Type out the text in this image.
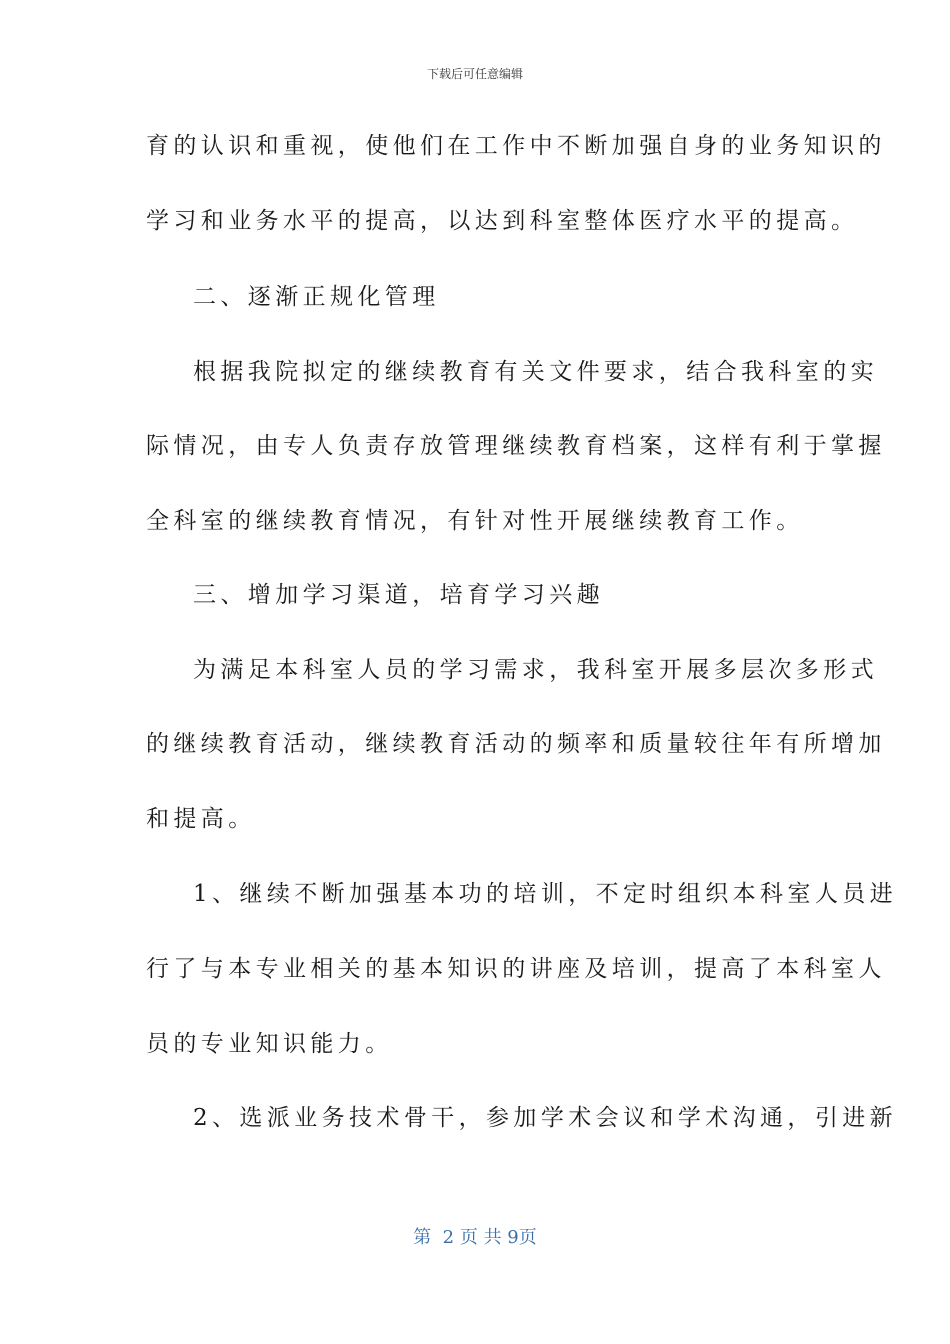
下载后可任意编辑
育的认识和重视，使他们在工作中不断加强自身的业务知识的
学习和业务水平的提高，以达到科室整体医疗水平的提高。
二、逐渐正规化管理
根据我院拟定的继续教育有关文件要求，结合我科室的实
际情况，由专人负责存放管理继续教育档案，这样有利于掌握
全科室的继续教育情况，有针对性开展继续教育工作。
三、增加学习渠道，培育学习兴趣
为满足本科室人员的学习需求，我科室开展多层次多形式
的继续教育活动，继续教育活动的频率和质量较往年有所增加
和提高。
1、继续不断加强基本功的培训，不定时组织本科室人员进
行了与本专业相关的基本知识的讲座及培训，提高了本科室人
员的专业知识能力。
2、选派业务技术骨干，参加学术会议和学术沟通，引进新
第  2 页 共 9页
